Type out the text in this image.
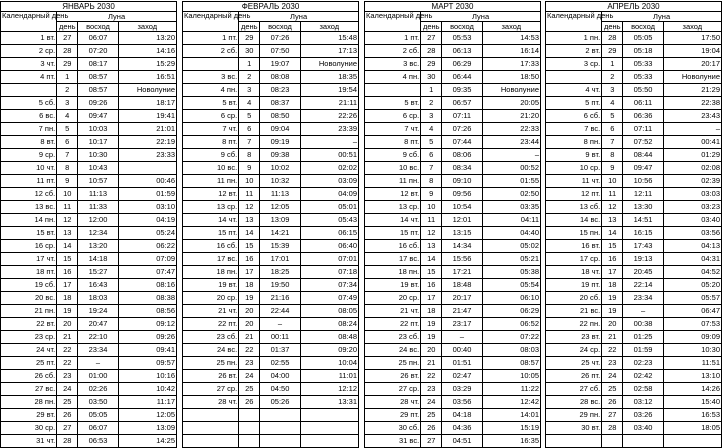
ЯНВАРЬ 2030			
Календарный день	Луна		
	день	восход	заход
1 вт.	27	06:07	13:20
2 ср.	28	07:20	14:16
3 чт.	29	08:17	15:29
4 пт.	1	08:57	16:51
	2	08:57	Новолуние
5 сб.	3	09:26	18:17
6 вс.	4	09:47	19:41
7 пн.	5	10:03	21:01
8 вт.	6	10:17	22:19
9 ср.	7	10:30	23:33
10 чт.	8	10:43	
11 пт.	9	10:57	00:46
12 сб.	10	11:13	01:59
13 вс.	11	11:33	03:10
14 пн.	12	12:00	04:19
15 вт.	13	12:34	05:24
16 ср.	14	13:20	06:22
17 чт.	15	14:18	07:09
18 пт.	16	15:27	07:47
19 сб.	17	16:43	08:16
20 вс.	18	18:03	08:38
21 пн.	19	19:24	08:56
22 вт.	20	20:47	09:12
23 ср.	21	22:10	09:26
24 чт.	22	23:34	09:41
25 пт.	22	–	09:57
26 сб.	23	01:00	10:16
27 вс.	24	02:26	10:42
28 пн.	25	03:50	11:17
29 вт.	26	05:05	12:05
30 ср.	27	06:07	13:09
31 чт.	28	06:53	14:25
ФЕВРАЛЬ 2030			
Календарный день	Луна		
	день	восход	заход
1 пт.	29	07:26	15:48
2 сб.	30	07:50	17:13
	1	19:07	Новолуние
3 вс.	2	08:08	18:35
4 пн.	3	08:23	19:54
5 вт.	4	08:37	21:11
6 ср.	5	08:50	22:26
7 чт.	6	09:04	23:39
8 пт.	7	09:19	–
9 сб.	8	09:38	00:51
10 вс.	9	10:02	02:02
11 пн.	10	10:32	03:09
12 вт.	11	11:13	04:09
13 ср.	12	12:05	05:01
14 чт.	13	13:09	05:43
15 пт.	14	14:21	06:15
16 сб.	15	15:39	06:40
17 вс.	16	17:01	07:01
18 пн.	17	18:25	07:18
19 вт.	18	19:50	07:34
20 ср.	19	21:16	07:49
21 чт.	20	22:44	08:05
22 пт.	20	–	08:24
23 сб.	21	00:11	08:48
24 вс.	22	01:37	09:20
25 пн.	23	02:55	10:04
26 вт.	24	04:00	11:01
27 ср.	25	04:50	12:12
28 чт.	26	05:26	13:31

МАРТ 2030			
Календарный день	Луна		
	день	восход	заход
1 пт.	27	05:53	14:53
2 сб.	28	06:13	16:14
3 вс.	29	06:29	17:33
4 пн.	30	06:44	18:50
	1	09:35	Новолуние
5 вт.	2	06:57	20:05
6 ср.	3	07:11	21:20
7 чт.	4	07:26	22:33
8 пт.	5	07:44	23:44
9 сб.	6	08:06	–
10 вс.	7	08:34	00:52
11 пн.	8	09:10	01:55
12 вт.	9	09:56	02:50
13 ср.	10	10:54	03:35
14 чт.	11	12:01	04:11
15 пт.	12	13:15	04:40
16 сб.	13	14:34	05:02
17 вс.	14	15:56	05:21
18 пн.	15	17:21	05:38
19 вт.	16	18:48	05:54
20 ср.	17	20:17	06:10
21 чт.	18	21:47	06:29
22 пт.	19	23:17	06:52
23 сб.	19	–	07:22
24 вс.	20	00:40	08:03
25 пн.	21	01:51	08:57
26 вт.	22	02:47	10:05
27 ср.	23	03:29	11:22
28 чт.	24	03:56	12:42
29 пт.	25	04:18	14:01
30 сб.	26	04:36	15:19
31 вс.	27	04:51	16:35
АПРЕЛЬ 2030			
Календарный день	Луна		
	день	восход	заход
1 пн.	28	05:05	17:50
2 вт.	29	05:18	19:04
3 ср.	1	05:33	20:17
	2	05:33	Новолуние
4 чт.	3	05:50	21:29
5 пт.	4	06:11	22:38
6 сб.	5	06:36	23:43
7 вс.	6	07:11	–
8 пн.	7	07:52	00:41
9 вт.	8	08:44	01:29
10 ср.	9	09:47	02:08
11 чт.	10	10:56	02:39
12 пт.	11	12:11	03:03
13 сб.	12	13:30	03:23
14 вс.	13	14:51	03:40
15 пн.	14	16:15	03:56
16 вт.	15	17:43	04:13
17 ср.	16	19:13	04:31
18 чт.	17	20:45	04:52
19 пт.	18	22:14	05:20
20 сб.	19	23:34	05:57
21 вс.	19	–	06:47
22 пн.	20	00:38	07:53
23 вт.	21	01:25	09:09
24 ср.	22	01:59	10:30
25 чт.	23	02:23	11:51
26 пт.	24	02:42	13:10
27 сб.	25	02:58	14:26
28 вс.	26	03:12	15:40
29 пн.	27	03:26	16:53
30 вт.	28	03:40	18:05
